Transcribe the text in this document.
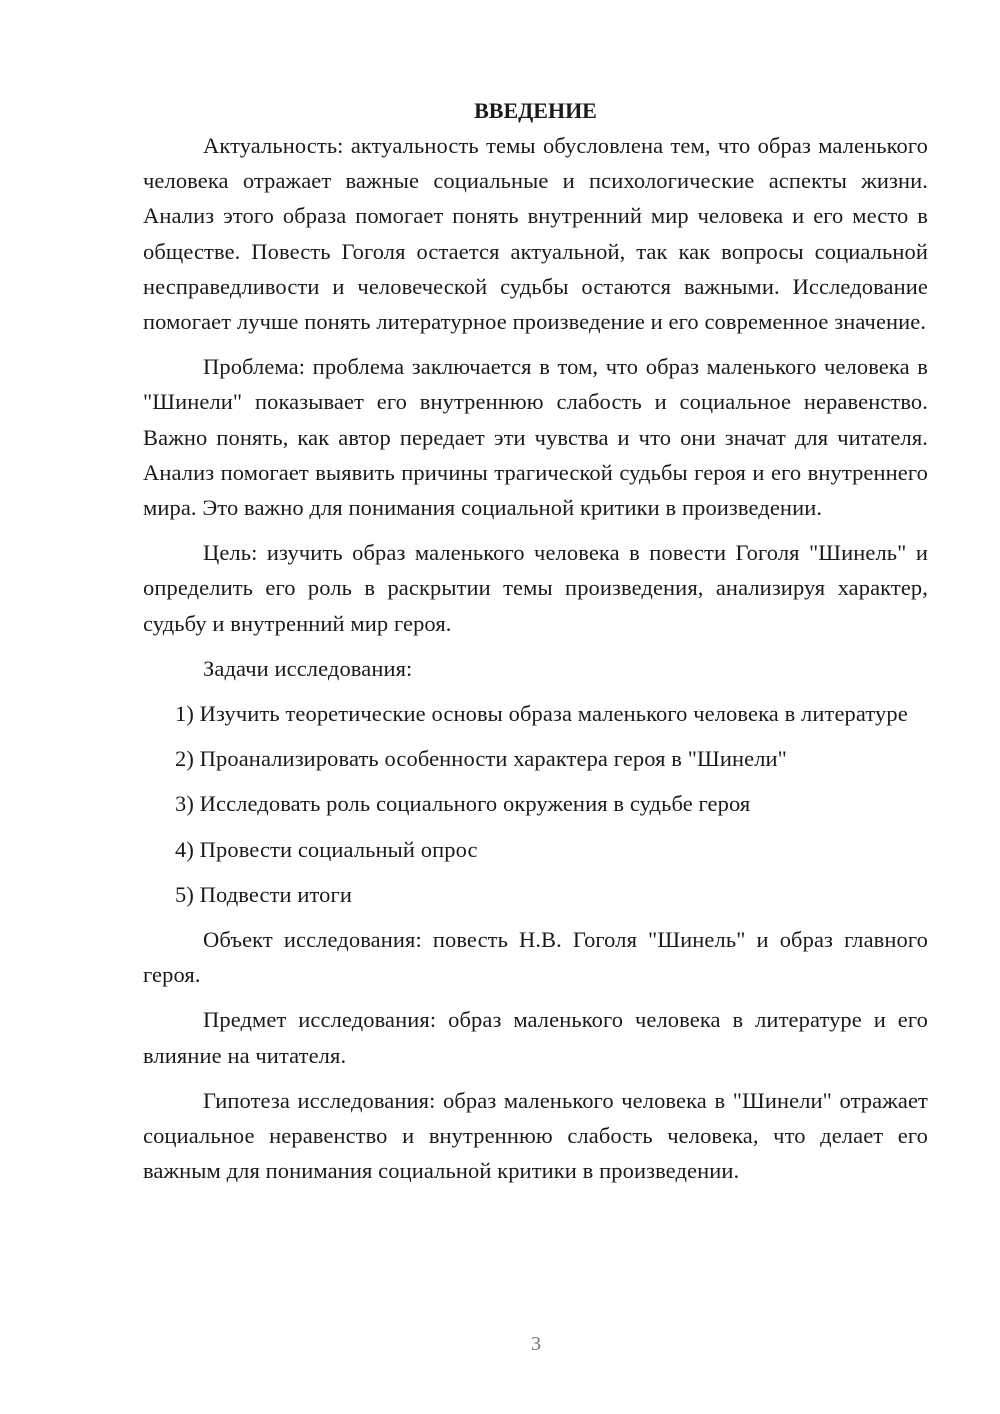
ВВЕДЕНИЕ

Актуальность: актуальность темы обусловлена тем, что образ маленького человека отражает важные социальные и психологические аспекты жизни. Анализ этого образа помогает понять внутренний мир человека и его место в обществе. Повесть Гоголя остается актуальной, так как вопросы социальной несправедливости и человеческой судьбы остаются важными. Исследование помогает лучше понять литературное произведение и его современное значение.

Проблема: проблема заключается в том, что образ маленького человека в "Шинели" показывает его внутреннюю слабость и социальное неравенство. Важно понять, как автор передает эти чувства и что они значат для читателя. Анализ помогает выявить причины трагической судьбы героя и его внутреннего мира. Это важно для понимания социальной критики в произведении.

Цель: изучить образ маленького человека в повести Гоголя "Шинель" и определить его роль в раскрытии темы произведения, анализируя характер, судьбу и внутренний мир героя.

Задачи исследования:

1) Изучить теоретические основы образа маленького человека в литературе

2) Проанализировать особенности характера героя в "Шинели"

3) Исследовать роль социального окружения в судьбе героя

4) Провести социальный опрос

5) Подвести итоги

Объект исследования: повесть Н.В. Гоголя "Шинель" и образ главного героя.

Предмет исследования: образ маленького человека в литературе и его влияние на читателя.

Гипотеза исследования: образ маленького человека в "Шинели" отражает социальное неравенство и внутреннюю слабость человека, что делает его важным для понимания социальной критики в произведении.

3
